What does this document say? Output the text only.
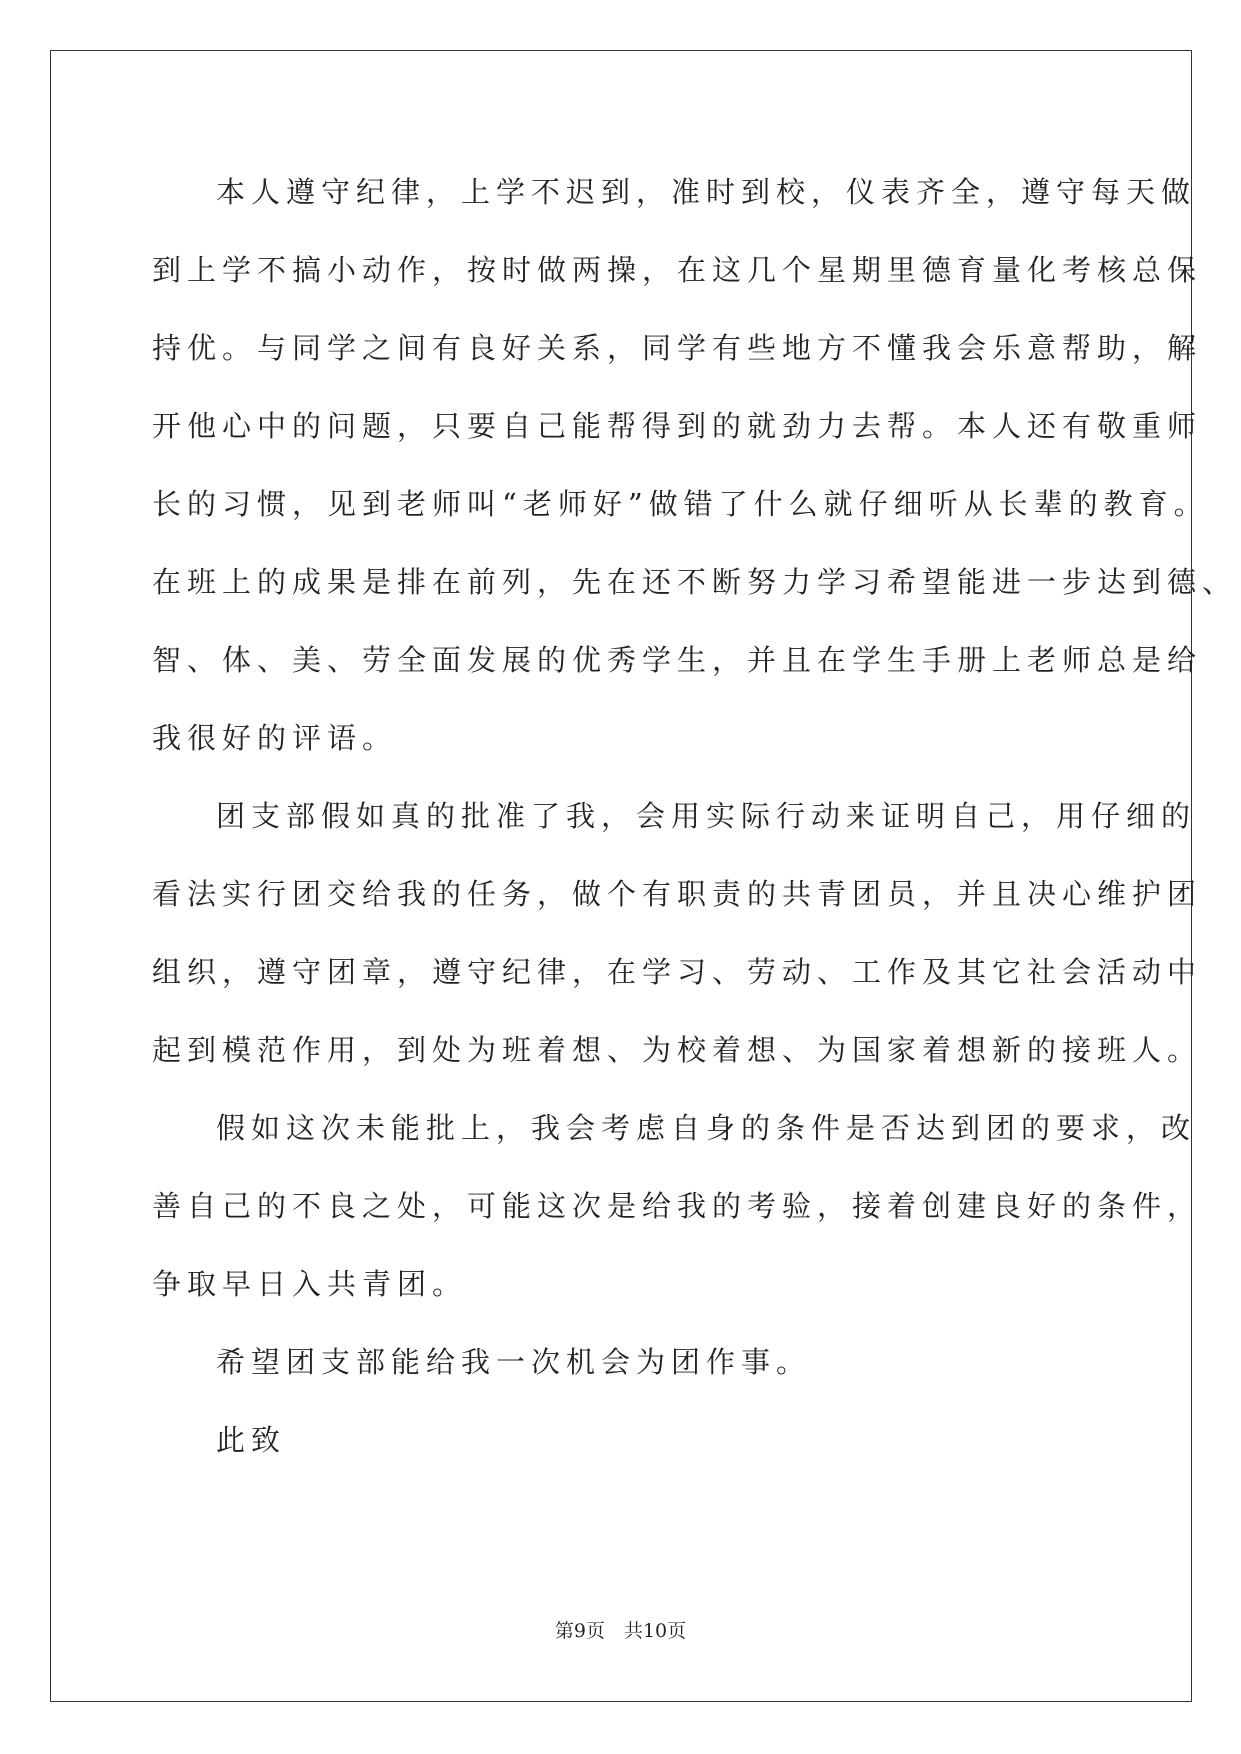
本人遵守纪律，上学不迟到，准时到校，仪表齐全，遵守每天做
到上学不搞小动作，按时做两操，在这几个星期里德育量化考核总保
持优。与同学之间有良好关系，同学有些地方不懂我会乐意帮助，解
开他心中的问题，只要自己能帮得到的就劲力去帮。本人还有敬重师
长的习惯，见到老师叫“老师好”做错了什么就仔细听从长辈的教育。
在班上的成果是排在前列，先在还不断努力学习希望能进一步达到德、
智、体、美、劳全面发展的优秀学生，并且在学生手册上老师总是给
我很好的评语。
团支部假如真的批准了我，会用实际行动来证明自己，用仔细的
看法实行团交给我的任务，做个有职责的共青团员，并且决心维护团
组织，遵守团章，遵守纪律，在学习、劳动、工作及其它社会活动中
起到模范作用，到处为班着想、为校着想、为国家着想新的接班人。
假如这次未能批上，我会考虑自身的条件是否达到团的要求，改
善自己的不良之处，可能这次是给我的考验，接着创建良好的条件，
争取早日入共青团。
希望团支部能给我一次机会为团作事。
此致
第9页　共10页
